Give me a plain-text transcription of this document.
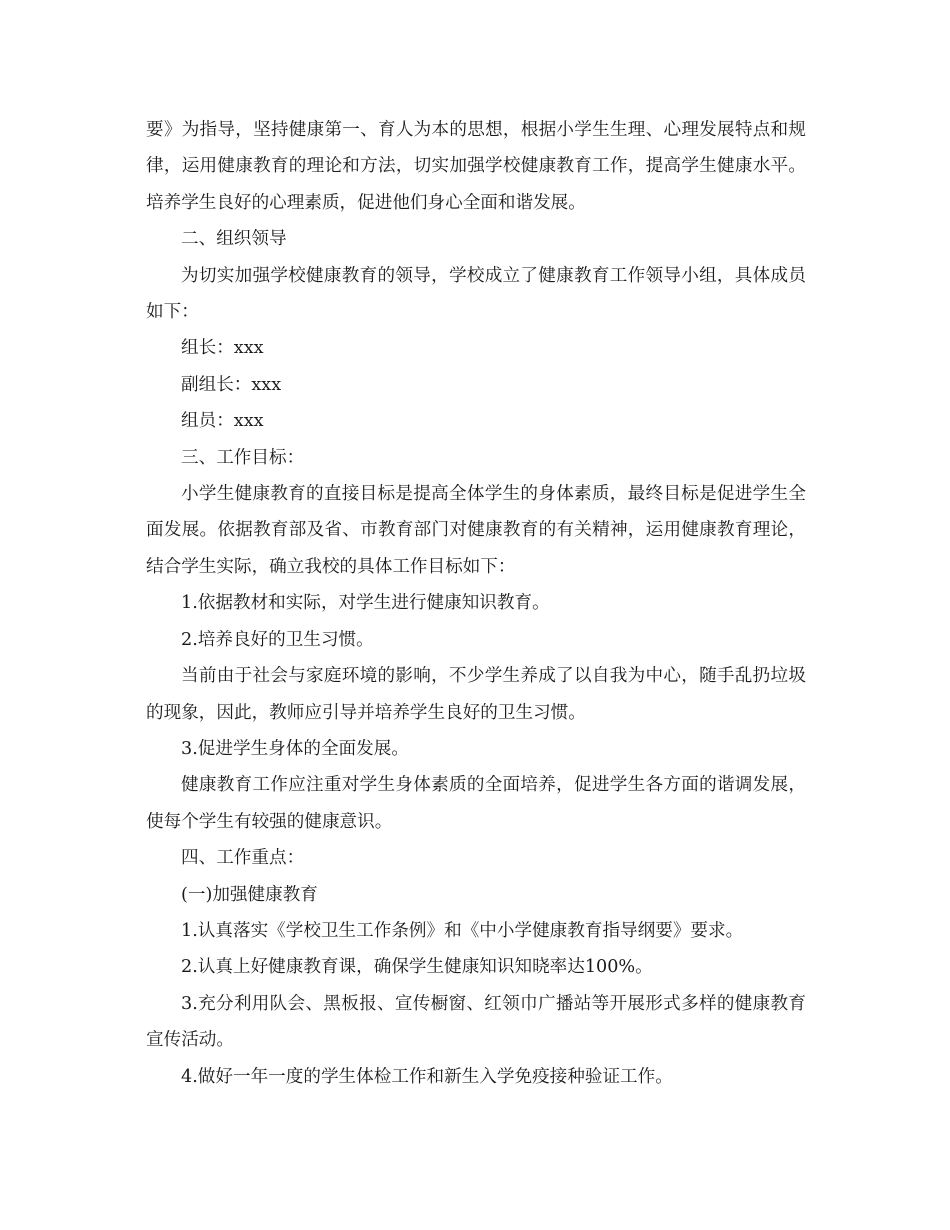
要》为指导，坚持健康第一、育人为本的思想，根据小学生生理、心理发展特点和规律，运用健康教育的理论和方法，切实加强学校健康教育工作，提高学生健康水平。培养学生良好的心理素质，促进他们身心全面和谐发展。

二、组织领导

为切实加强学校健康教育的领导，学校成立了健康教育工作领导小组，具体成员如下：

组长：xxx

副组长：xxx

组员：xxx

三、工作目标：

小学生健康教育的直接目标是提高全体学生的身体素质，最终目标是促进学生全面发展。依据教育部及省、市教育部门对健康教育的有关精神，运用健康教育理论，结合学生实际，确立我校的具体工作目标如下：

1.依据教材和实际，对学生进行健康知识教育。

2.培养良好的卫生习惯。

当前由于社会与家庭环境的影响，不少学生养成了以自我为中心，随手乱扔垃圾的现象，因此，教师应引导并培养学生良好的卫生习惯。

3.促进学生身体的全面发展。

健康教育工作应注重对学生身体素质的全面培养，促进学生各方面的谐调发展，使每个学生有较强的健康意识。

四、工作重点：

(一)加强健康教育

1.认真落实《学校卫生工作条例》和《中小学健康教育指导纲要》要求。

2.认真上好健康教育课，确保学生健康知识知晓率达100%。

3.充分利用队会、黑板报、宣传橱窗、红领巾广播站等开展形式多样的健康教育宣传活动。

4.做好一年一度的学生体检工作和新生入学免疫接种验证工作。
